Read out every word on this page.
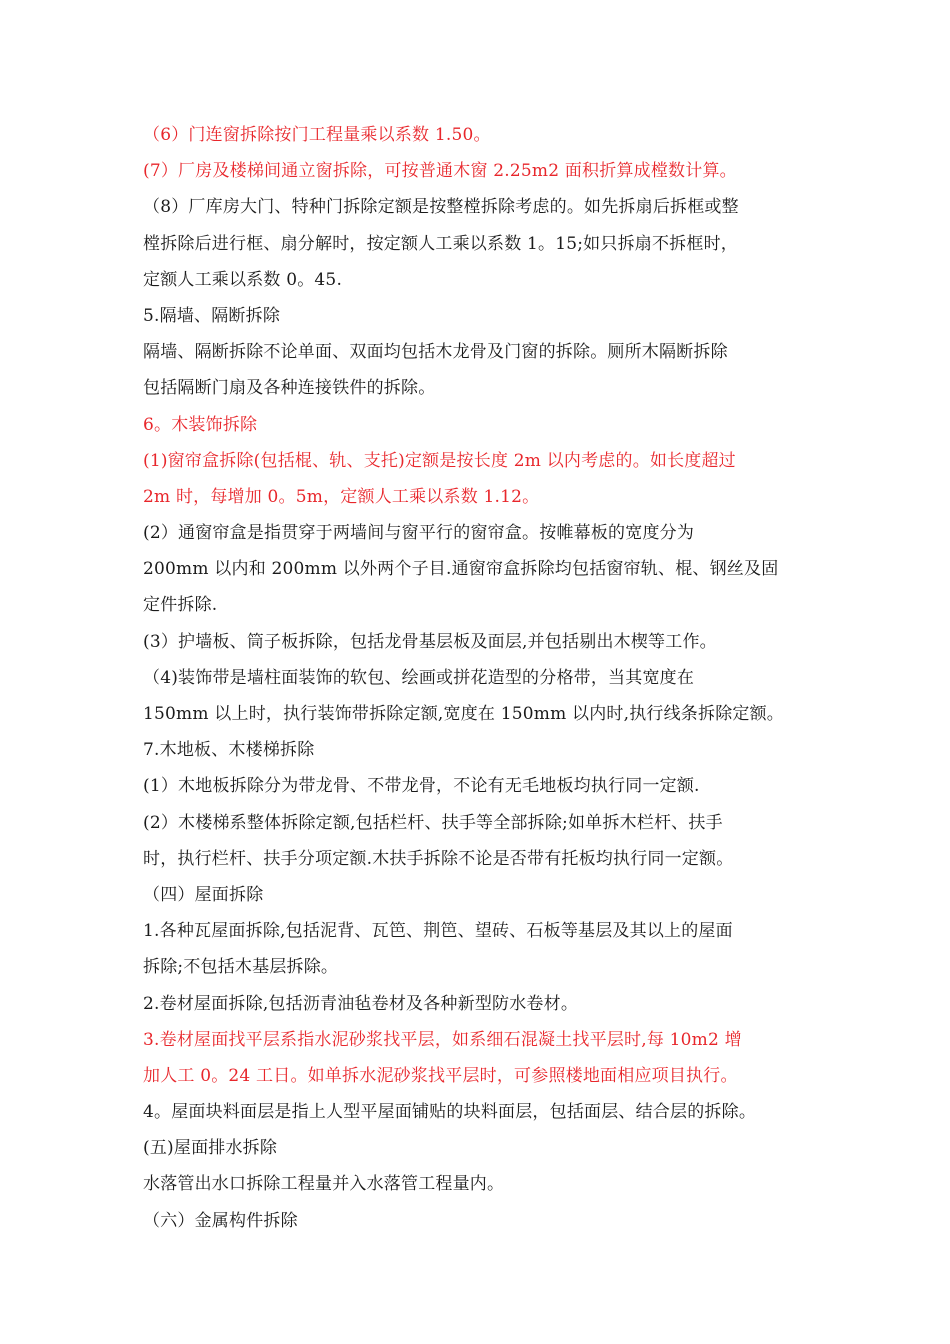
（6）门连窗拆除按门工程量乘以系数 1.50。
(7）厂房及楼梯间通立窗拆除，可按普通木窗 2.25m2 面积折算成樘数计算。
（8）厂库房大门、特种门拆除定额是按整樘拆除考虑的。如先拆扇后拆框或整
樘拆除后进行框、扇分解时，按定额人工乘以系数 1。15;如只拆扇不拆框时，
定额人工乘以系数 0。45.
5.隔墙、隔断拆除
隔墙、隔断拆除不论单面、双面均包括木龙骨及门窗的拆除。厕所木隔断拆除
包括隔断门扇及各种连接铁件的拆除。
6。木装饰拆除
(1)窗帘盒拆除(包括棍、轨、支托)定额是按长度 2m 以内考虑的。如长度超过
2m 时，每增加 0。5m，定额人工乘以系数 1.12。
(2）通窗帘盒是指贯穿于两墙间与窗平行的窗帘盒。按帷幕板的宽度分为
200mm 以内和 200mm 以外两个子目.通窗帘盒拆除均包括窗帘轨、棍、钢丝及固
定件拆除.
(3）护墙板、筒子板拆除，包括龙骨基层板及面层,并包括剔出木楔等工作。
（4)装饰带是墙柱面装饰的软包、绘画或拼花造型的分格带，当其宽度在
150mm 以上时，执行装饰带拆除定额,宽度在 150mm 以内时,执行线条拆除定额。
7.木地板、木楼梯拆除
(1）木地板拆除分为带龙骨、不带龙骨，不论有无毛地板均执行同一定额.
(2）木楼梯系整体拆除定额,包括栏杆、扶手等全部拆除;如单拆木栏杆、扶手
时，执行栏杆、扶手分项定额.木扶手拆除不论是否带有托板均执行同一定额。
（四）屋面拆除
1.各种瓦屋面拆除,包括泥背、瓦笆、荆笆、望砖、石板等基层及其以上的屋面
拆除;不包括木基层拆除。
2.卷材屋面拆除,包括沥青油毡卷材及各种新型防水卷材。
3.卷材屋面找平层系指水泥砂浆找平层，如系细石混凝土找平层时,每 10m2 增
加人工 0。24 工日。如单拆水泥砂浆找平层时，可参照楼地面相应项目执行。
4。屋面块料面层是指上人型平屋面铺贴的块料面层，包括面层、结合层的拆除。
(五)屋面排水拆除
水落管出水口拆除工程量并入水落管工程量内。
（六）金属构件拆除
